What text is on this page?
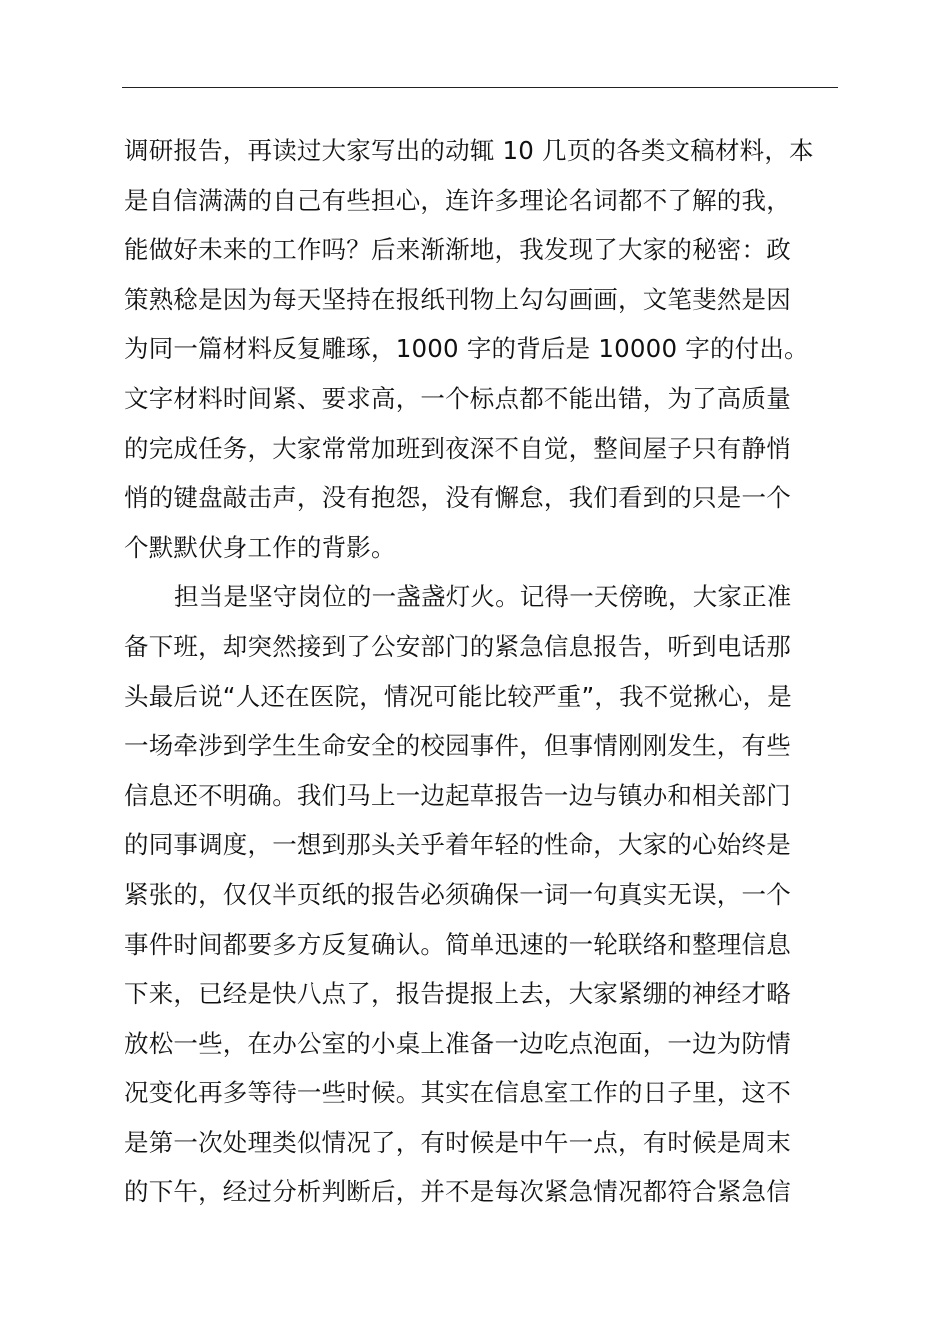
调研报告，再读过大家写出的动辄 10 几页的各类文稿材料，本
是自信满满的自己有些担心，连许多理论名词都不了解的我，
能做好未来的工作吗？后来渐渐地，我发现了大家的秘密：政
策熟稔是因为每天坚持在报纸刊物上勾勾画画，文笔斐然是因
为同一篇材料反复雕琢，1000 字的背后是 10000 字的付出。
文字材料时间紧、要求高，一个标点都不能出错，为了高质量
的完成任务，大家常常加班到夜深不自觉，整间屋子只有静悄
悄的键盘敲击声，没有抱怨，没有懈怠，我们看到的只是一个
个默默伏身工作的背影。
担当是坚守岗位的一盏盏灯火。记得一天傍晚，大家正准
备下班，却突然接到了公安部门的紧急信息报告，听到电话那
头最后说“人还在医院，情况可能比较严重”，我不觉揪心，是
一场牵涉到学生生命安全的校园事件，但事情刚刚发生，有些
信息还不明确。我们马上一边起草报告一边与镇办和相关部门
的同事调度，一想到那头关乎着年轻的性命，大家的心始终是
紧张的，仅仅半页纸的报告必须确保一词一句真实无误，一个
事件时间都要多方反复确认。简单迅速的一轮联络和整理信息
下来，已经是快八点了，报告提报上去，大家紧绷的神经才略
放松一些，在办公室的小桌上准备一边吃点泡面，一边为防情
况变化再多等待一些时候。其实在信息室工作的日子里，这不
是第一次处理类似情况了，有时候是中午一点，有时候是周末
的下午，经过分析判断后，并不是每次紧急情况都符合紧急信
